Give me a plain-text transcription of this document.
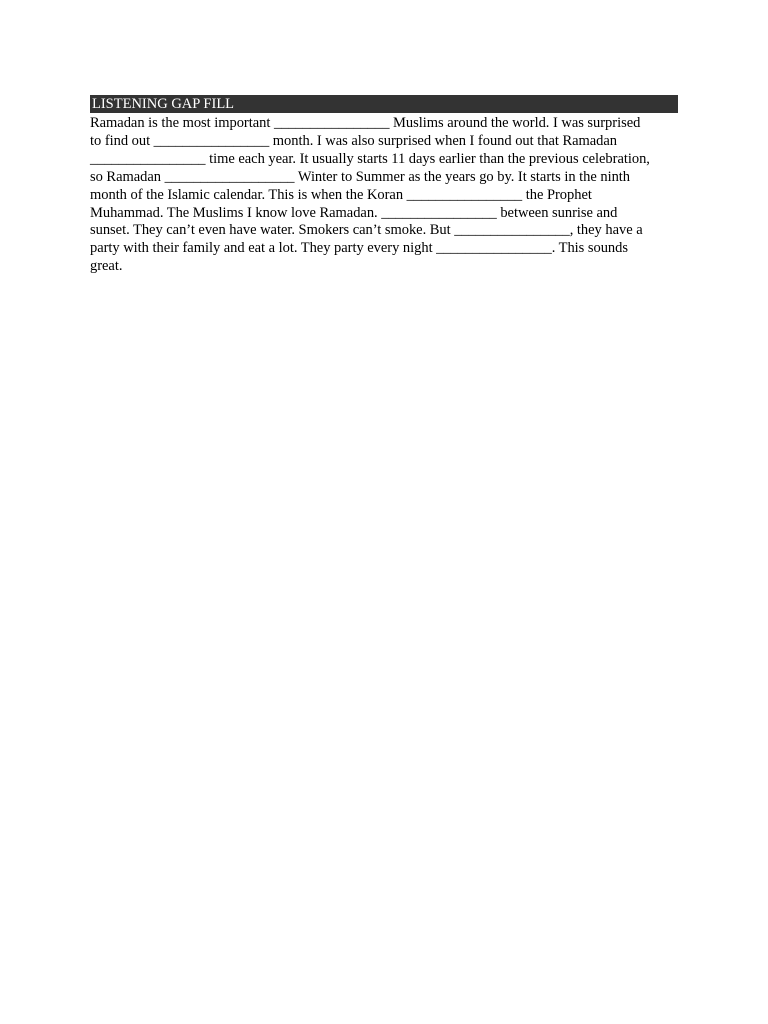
LISTENING GAP FILL
Ramadan is the most important ________________ Muslims around the world. I was surprised
to find out ________________ month. I was also surprised when I found out that Ramadan
________________ time each year. It usually starts 11 days earlier than the previous celebration,
so Ramadan __________________ Winter to Summer as the years go by. It starts in the ninth
month of the Islamic calendar. This is when the Koran ________________ the Prophet
Muhammad. The Muslims I know love Ramadan. ________________ between sunrise and
sunset. They can’t even have water. Smokers can’t smoke. But ________________, they have a
party with their family and eat a lot. They party every night ________________. This sounds
great.
